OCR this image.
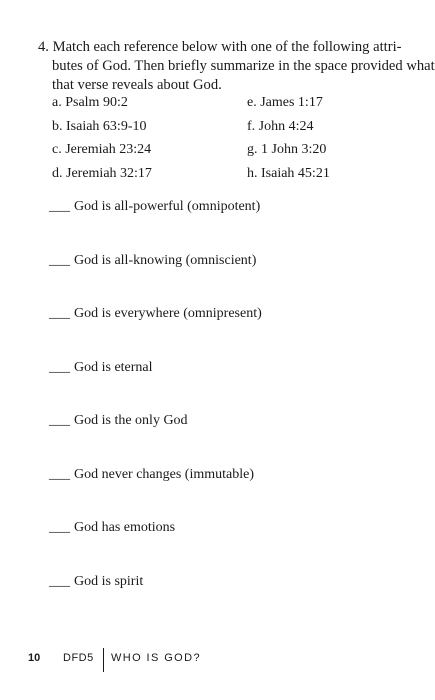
4. Match each reference below with one of the following attri-
butes of God. Then briefly summarize in the space provided what
that verse reveals about God.
a. Psalm 90:2	e. James 1:17
b. Isaiah 63:9-10	f. John 4:24
c. Jeremiah 23:24	g. 1 John 3:20
d. Jeremiah 32:17	h. Isaiah 45:21
___ God is all-powerful (omnipotent)
___ God is all-knowing (omniscient)
___ God is everywhere (omnipresent)
___ God is eternal
___ God is the only God
___ God never changes (immutable)
___ God has emotions
___ God is spirit
10 DFD5 WHO IS GOD?
